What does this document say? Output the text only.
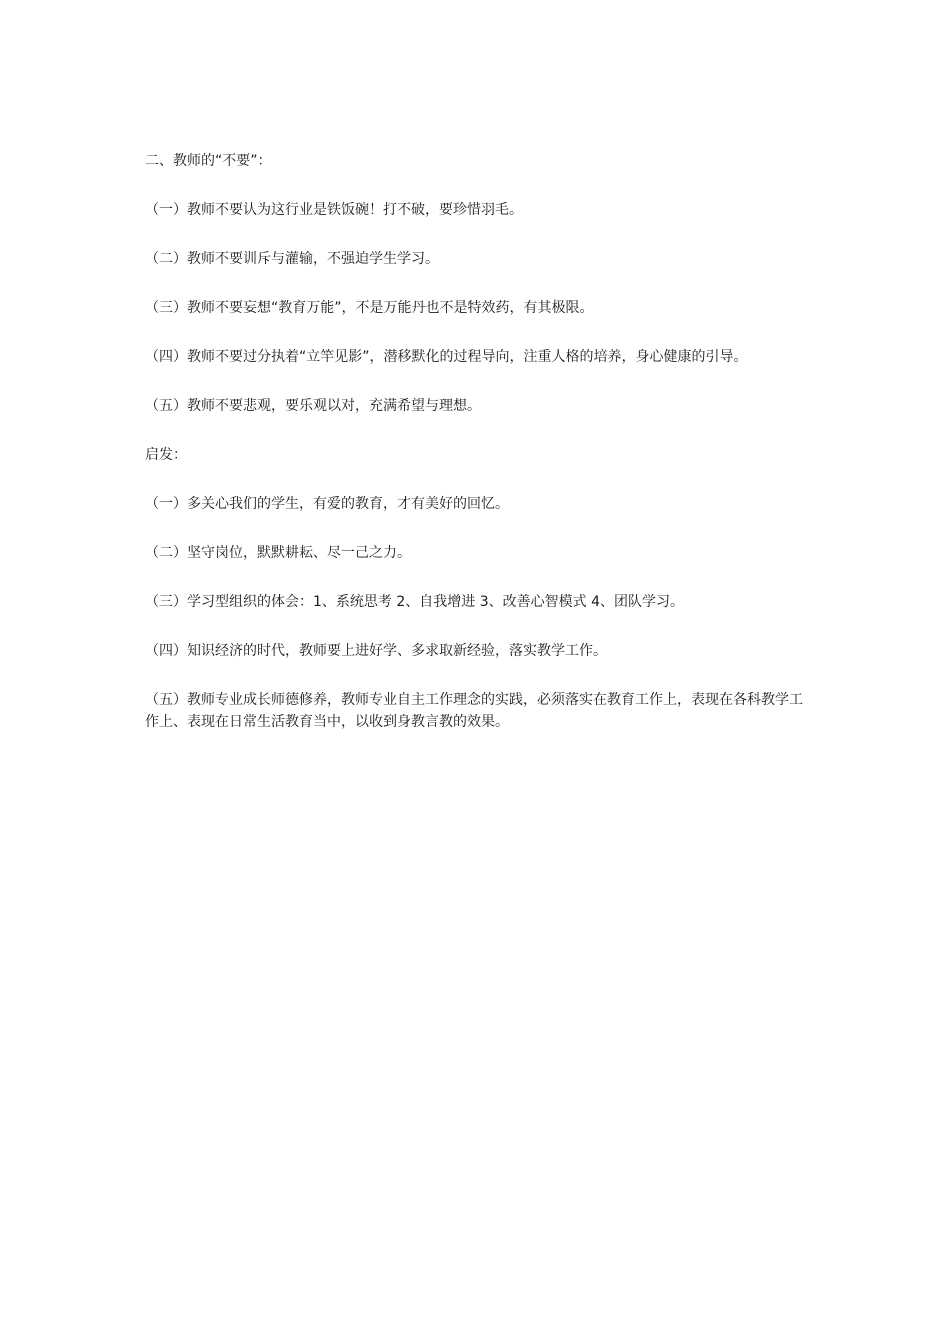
二、教师的“不要”：

（一）教师不要认为这行业是铁饭碗！打不破，要珍惜羽毛。

（二）教师不要训斥与灌输，不强迫学生学习。

（三）教师不要妄想“教育万能”，不是万能丹也不是特效药，有其极限。

（四）教师不要过分执着“立竿见影”，潜移默化的过程导向，注重人格的培养，身心健康的引导。

（五）教师不要悲观，要乐观以对，充满希望与理想。

启发：

（一）多关心我们的学生，有爱的教育，才有美好的回忆。

（二）坚守岗位，默默耕耘、尽一己之力。

（三）学习型组织的体会：1、系统思考 2、自我增进 3、改善心智模式 4、团队学习。

（四）知识经济的时代，教师要上进好学、多求取新经验，落实教学工作。

（五）教师专业成长师德修养，教师专业自主工作理念的实践，必须落实在教育工作上，表现在各科教学工作上、表现在日常生活教育当中，以收到身教言教的效果。
